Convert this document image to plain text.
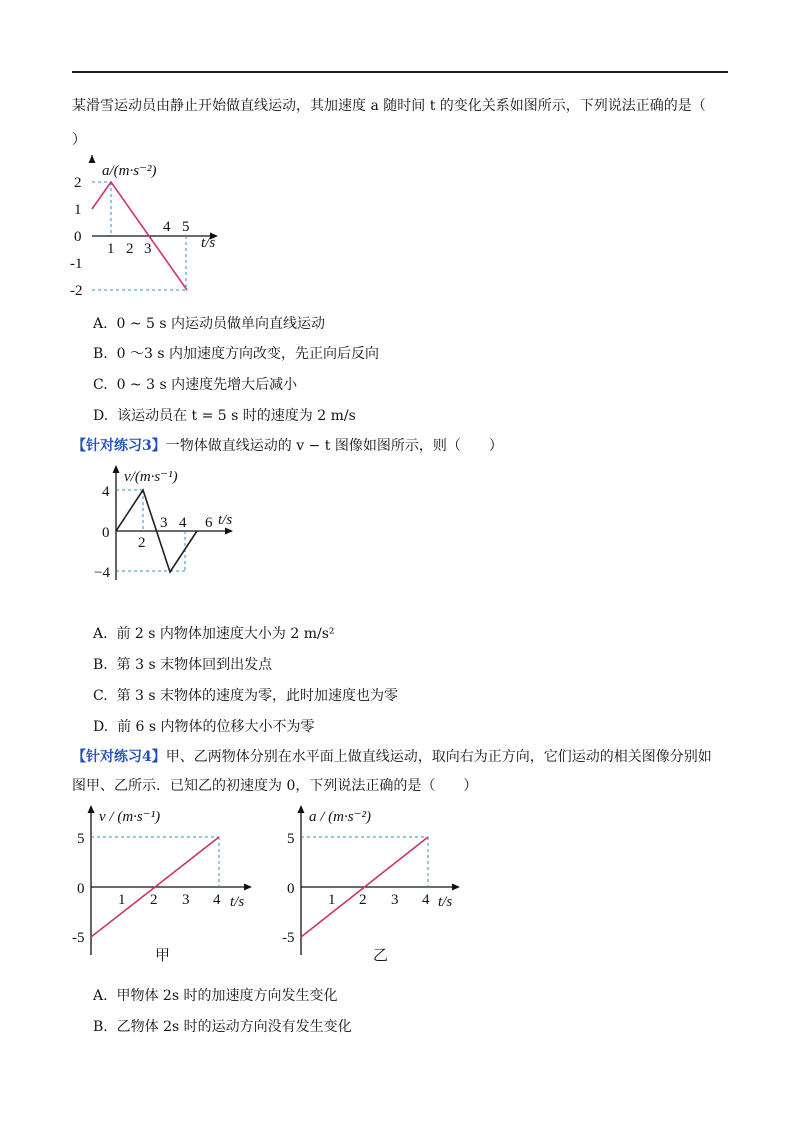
某滑雪运动员由静止开始做直线运动，其加速度 a 随时间 t 的变化关系如图所示，下列说法正确的是（
）
2
1
0
-1
-2
1 2 3
4 5
a/(m·s⁻²)
t/s
A. 0 ~ 5 s 内运动员做单向直线运动
B. 0 ～3 s 内加速度方向改变，先正向后反向
C. 0 ~ 3 s 内速度先增大后减小
D. 该运动员在 t = 5 s 时的速度为 2 m/s
【针对练习3】一物体做直线运动的 v − t 图像如图所示，则（　　）
4
0
−4
2
3 4 6
v/(m·s⁻¹)
t/s
A. 前 2 s 内物体加速度大小为 2 m/s²
B. 第 3 s 末物体回到出发点
C. 第 3 s 末物体的速度为零，此时加速度也为零
D. 前 6 s 内物体的位移大小不为零
【针对练习4】甲、乙两物体分别在水平面上做直线运动，取向右为正方向，它们运动的相关图像分别如
图甲、乙所示．已知乙的初速度为 0，下列说法正确的是（　　）
5
0
-5
1 2 3 4
v / (m·s⁻¹)
t/s
甲
5
0
-5
1 2 3 4
a / (m·s⁻²)
t/s
乙
A. 甲物体 2s 时的加速度方向发生变化
B. 乙物体 2s 时的运动方向没有发生变化
